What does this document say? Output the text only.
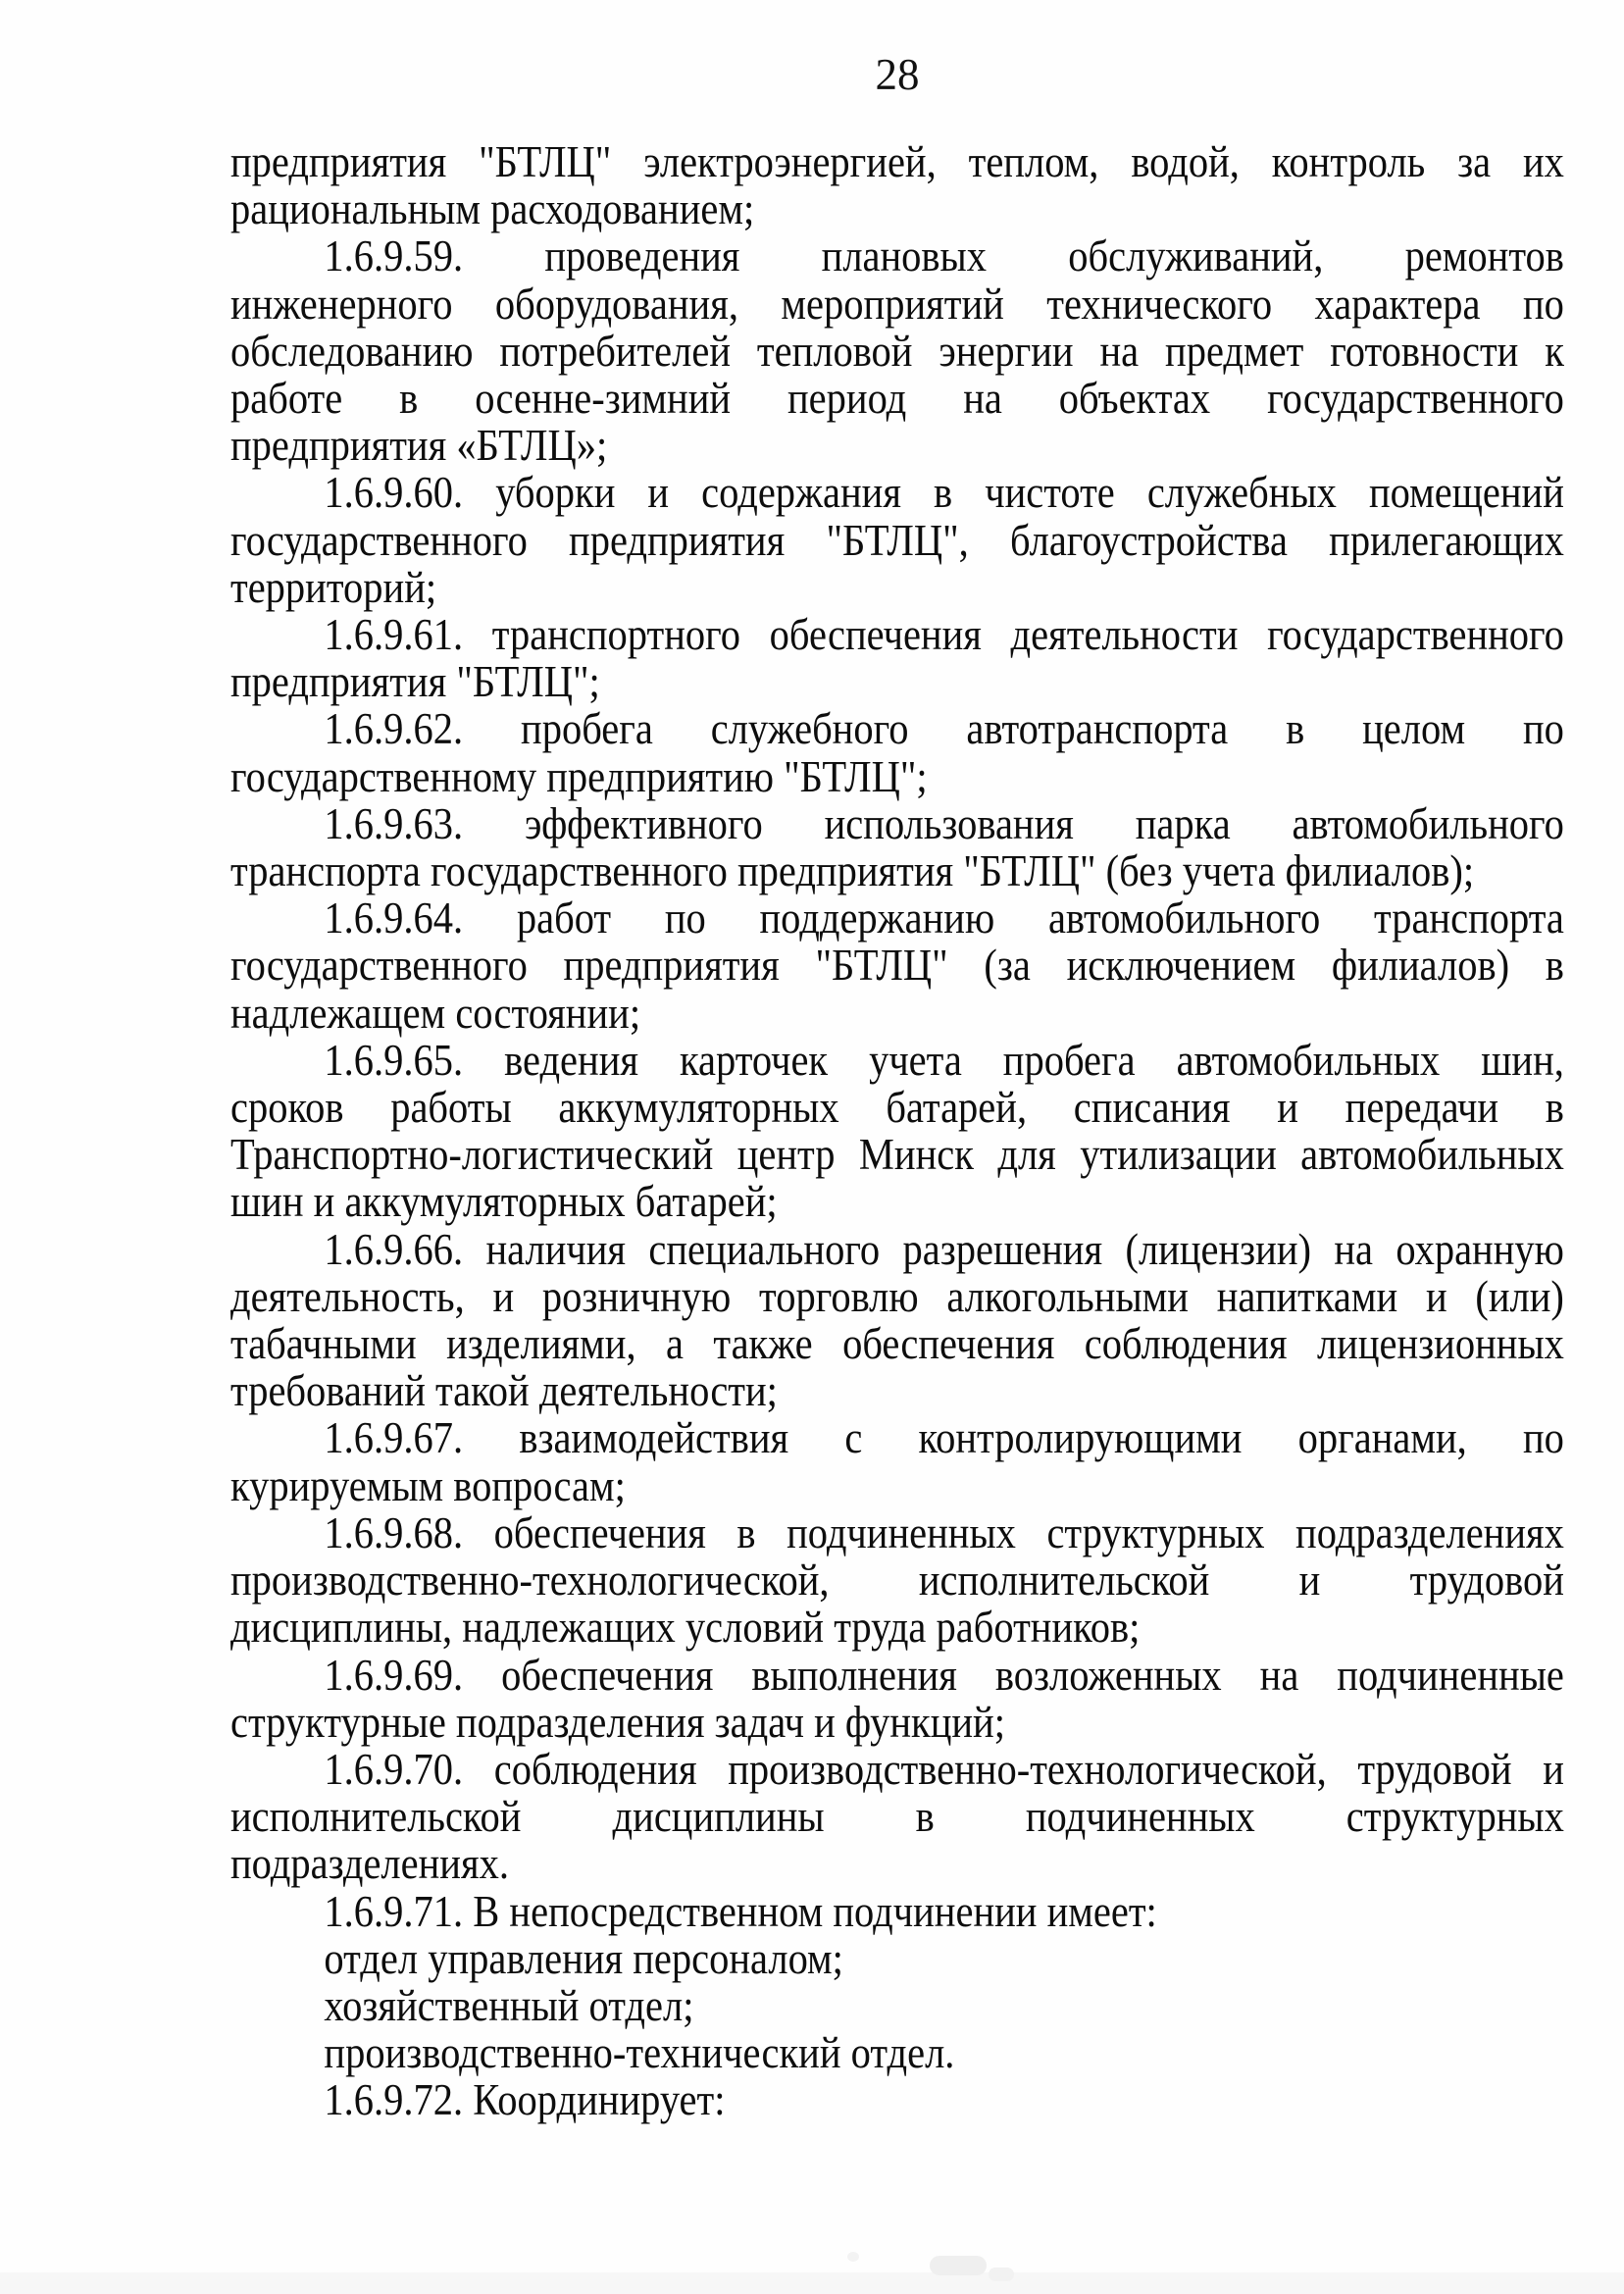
28
предприятия "БТЛЦ" электроэнергией, теплом, водой, контроль за их
рациональным расходованием;
1.6.9.59. проведения плановых обслуживаний, ремонтов
инженерного оборудования, мероприятий технического характера по
обследованию потребителей тепловой энергии на предмет готовности к
работе в осенне-зимний период на объектах государственного
предприятия «БТЛЦ»;
1.6.9.60. уборки и содержания в чистоте служебных помещений
государственного предприятия "БТЛЦ", благоустройства прилегающих
территорий;
1.6.9.61. транспортного обеспечения деятельности государственного
предприятия "БТЛЦ";
1.6.9.62. пробега служебного автотранспорта в целом по
государственному предприятию "БТЛЦ";
1.6.9.63. эффективного использования парка автомобильного
транспорта государственного предприятия "БТЛЦ" (без учета филиалов);
1.6.9.64. работ по поддержанию автомобильного транспорта
государственного предприятия "БТЛЦ" (за исключением филиалов) в
надлежащем состоянии;
1.6.9.65. ведения карточек учета пробега автомобильных шин,
сроков работы аккумуляторных батарей, списания и передачи в
Транспортно-логистический центр Минск для утилизации автомобильных
шин и аккумуляторных батарей;
1.6.9.66. наличия специального разрешения (лицензии) на охранную
деятельность, и розничную торговлю алкогольными напитками и (или)
табачными изделиями, а также обеспечения соблюдения лицензионных
требований такой деятельности;
1.6.9.67. взаимодействия с контролирующими органами, по
курируемым вопросам;
1.6.9.68. обеспечения в подчиненных структурных подразделениях
производственно-технологической, исполнительской и трудовой
дисциплины, надлежащих условий труда работников;
1.6.9.69. обеспечения выполнения возложенных на подчиненные
структурные подразделения задач и функций;
1.6.9.70. соблюдения производственно-технологической, трудовой и
исполнительской дисциплины в подчиненных структурных
подразделениях.
1.6.9.71. В непосредственном подчинении имеет:
отдел управления персоналом;
хозяйственный отдел;
производственно-технический отдел.
1.6.9.72. Координирует:
